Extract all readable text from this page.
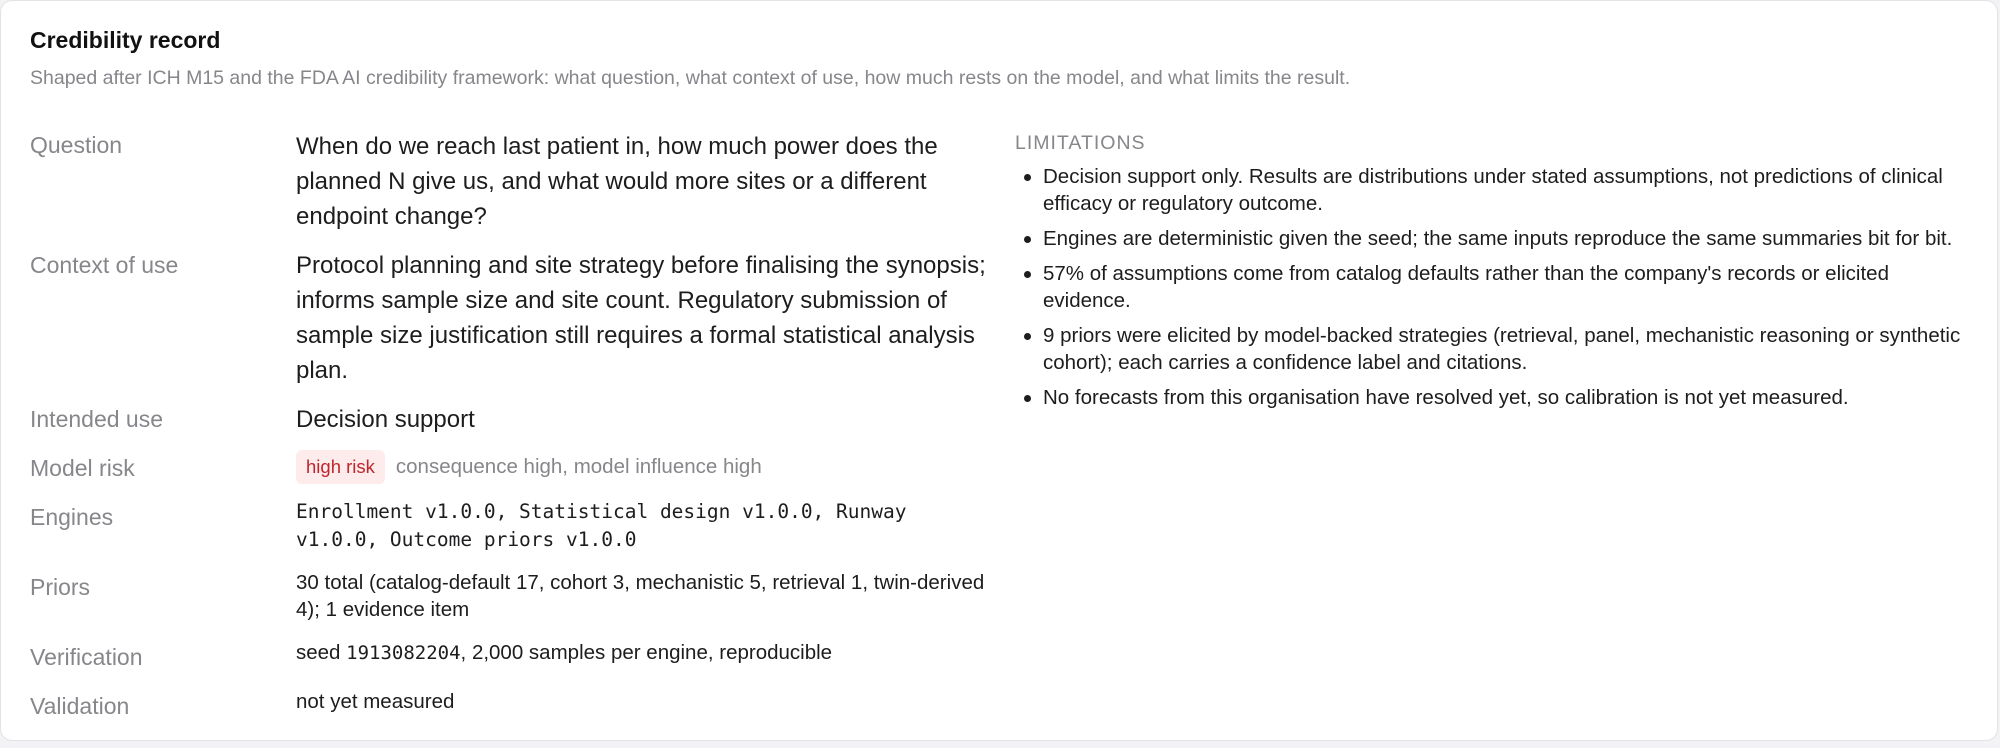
Credibility record
Shaped after ICH M15 and the FDA AI credibility framework: what question, what context of use, how much rests on the model, and what limits the result.
Question	When do we reach last patient in, how much power does the planned N give us, and what would more sites or a different endpoint change?
Context of use	Protocol planning and site strategy before finalising the synopsis; informs sample size and site count. Regulatory submission of sample size justification still requires a formal statistical analysis plan.
Intended use	Decision support
Model risk	high risk	consequence high, model influence high
Engines	Enrollment v1.0.0, Statistical design v1.0.0, Runway v1.0.0, Outcome priors v1.0.0
Priors	30 total (catalog-default 17, cohort 3, mechanistic 5, retrieval 1, twin-derived 4); 1 evidence item
Verification	seed 1913082204, 2,000 samples per engine, reproducible
Validation	not yet measured
LIMITATIONS
Decision support only. Results are distributions under stated assumptions, not predictions of clinical efficacy or regulatory outcome.
Engines are deterministic given the seed; the same inputs reproduce the same summaries bit for bit.
57% of assumptions come from catalog defaults rather than the company's records or elicited evidence.
9 priors were elicited by model-backed strategies (retrieval, panel, mechanistic reasoning or synthetic cohort); each carries a confidence label and citations.
No forecasts from this organisation have resolved yet, so calibration is not yet measured.
